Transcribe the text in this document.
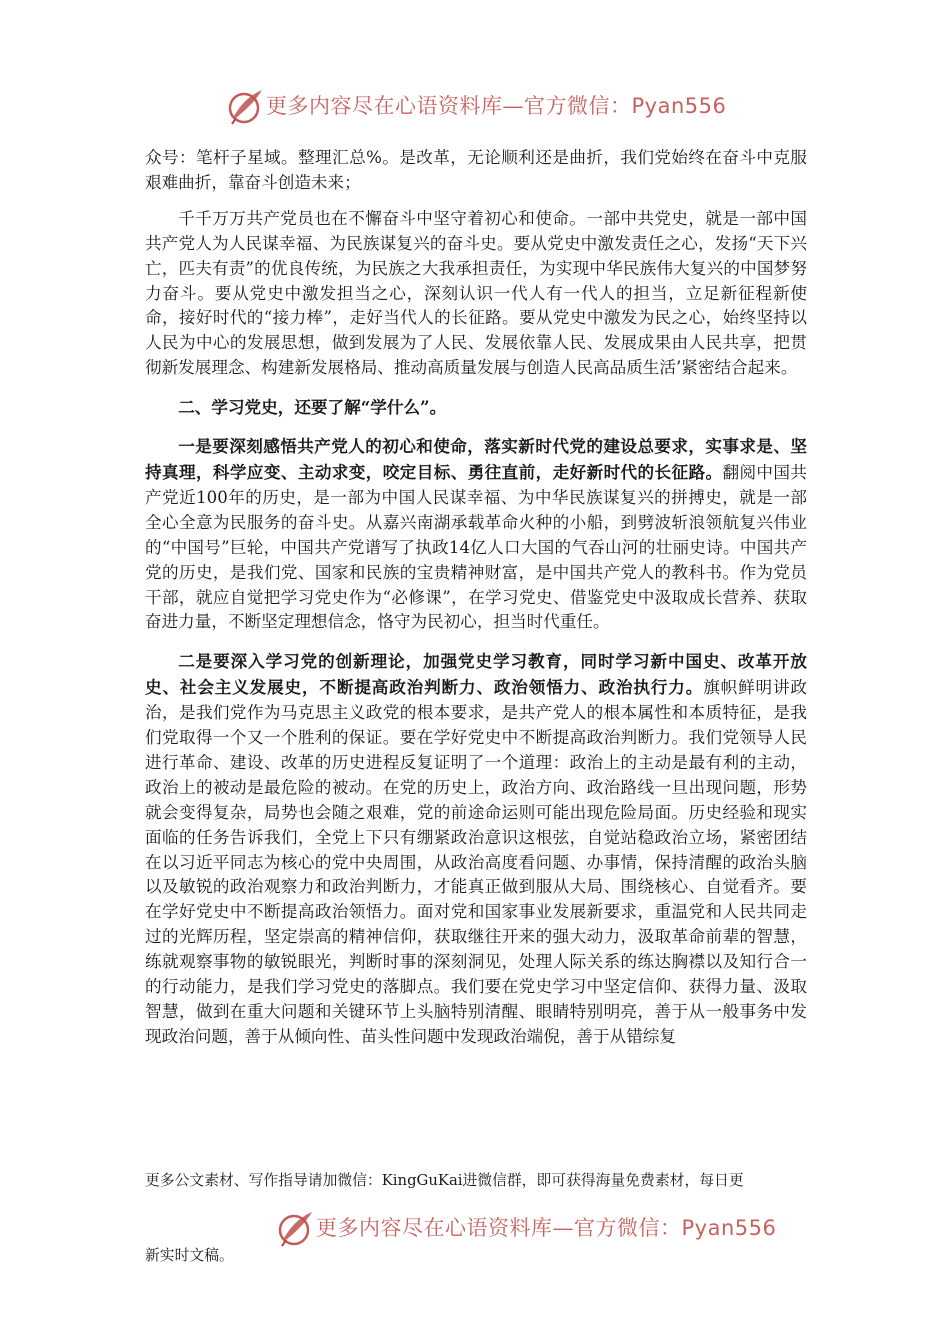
更多内容尽在心语资料库—官方微信：Pyan556

众号：笔杆子星域。整理汇总%。是改革，无论顺利还是曲折，我们党始终在奋斗中克服艰难曲折，靠奋斗创造未来；

千千万万共产党员也在不懈奋斗中坚守着初心和使命。一部中共党史，就是一部中国共产党人为人民谋幸福、为民族谋复兴的奋斗史。要从党史中激发责任之心，发扬“天下兴亡，匹夫有责”的优良传统，为民族之大我承担责任，为实现中华民族伟大复兴的中国梦努力奋斗。要从党史中激发担当之心，深刻认识一代人有一代人的担当，立足新征程新使命，接好时代的“接力棒”，走好当代人的长征路。要从党史中激发为民之心，始终坚持以人民为中心的发展思想，做到发展为了人民、发展依靠人民、发展成果由人民共享，把贯彻新发展理念、构建新发展格局、推动高质量发展与创造人民高品质生活’紧密结合起来。

二、学习党史，还要了解“学什么”。

一是要深刻感悟共产党人的初心和使命，落实新时代党的建设总要求，实事求是、坚持真理，科学应变、主动求变，咬定目标、勇往直前，走好新时代的长征路。翻阅中国共产党近100年的历史，是一部为中国人民谋幸福、为中华民族谋复兴的拼搏史，就是一部全心全意为民服务的奋斗史。从嘉兴南湖承载革命火种的小船，到劈波斩浪领航复兴伟业的“中国号”巨轮，中国共产党谱写了执政14亿人口大国的气吞山河的壮丽史诗。中国共产党的历史，是我们党、国家和民族的宝贵精神财富，是中国共产党人的教科书。作为党员干部，就应自觉把学习党史作为“必修课”，在学习党史、借鉴党史中汲取成长营养、获取奋进力量，不断坚定理想信念，恪守为民初心，担当时代重任。

二是要深入学习党的创新理论，加强党史学习教育，同时学习新中国史、改革开放史、社会主义发展史，不断提高政治判断力、政治领悟力、政治执行力。旗帜鲜明讲政治，是我们党作为马克思主义政党的根本要求，是共产党人的根本属性和本质特征，是我们党取得一个又一个胜利的保证。要在学好党史中不断提高政治判断力。我们党领导人民进行革命、建设、改革的历史进程反复证明了一个道理：政治上的主动是最有利的主动，政治上的被动是最危险的被动。在党的历史上，政治方向、政治路线一旦出现问题，形势就会变得复杂，局势也会随之艰难，党的前途命运则可能出现危险局面。历史经验和现实面临的任务告诉我们，全党上下只有绷紧政治意识这根弦，自觉站稳政治立场，紧密团结在以习近平同志为核心的党中央周围，从政治高度看问题、办事情，保持清醒的政治头脑以及敏锐的政治观察力和政治判断力，才能真正做到服从大局、围绕核心、自觉看齐。要在学好党史中不断提高政治领悟力。面对党和国家事业发展新要求，重温党和人民共同走过的光辉历程，坚定崇高的精神信仰，获取继往开来的强大动力，汲取革命前辈的智慧，练就观察事物的敏锐眼光，判断时事的深刻洞见，处理人际关系的练达胸襟以及知行合一的行动能力，是我们学习党史的落脚点。我们要在党史学习中坚定信仰、获得力量、汲取智慧，做到在重大问题和关键环节上头脑特别清醒、眼睛特别明亮，善于从一般事务中发现政治问题，善于从倾向性、苗头性问题中发现政治端倪，善于从错综复

更多公文素材、写作指导请加微信：KingGuKai进微信群，即可获得海量免费素材，每日更
更多内容尽在心语资料库—官方微信：Pyan556
新实时文稿。
